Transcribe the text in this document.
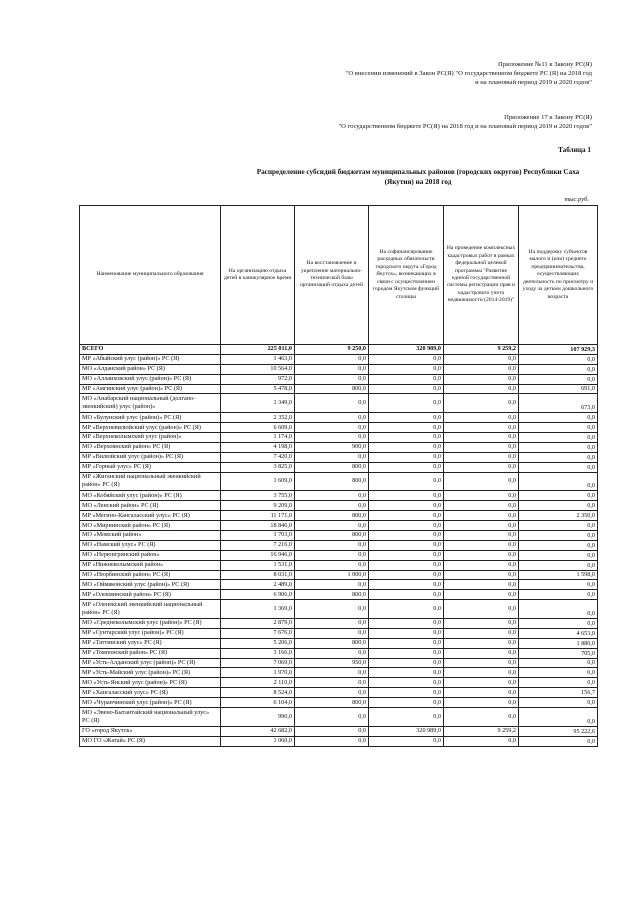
Приложение №11 к Закону РС(Я)
"О внесении изменений в Закон РС(Я) "О государственном бюджете РС (Я) на 2018 год
и на плановый период 2019 и 2020 годов"
Приложение 17 к Закону РС(Я)
"О государственном бюджете РС(Я) на 2018 год и на плановый период 2019 и 2020 годов"
Таблица 1
Распределение субсидий бюджетам муниципальных районов (городских округов) Республики Саха
(Якутия) на 2018 год
тыс.руб.
Наименование муниципального образования	На организацию отдыха детей в каникулярное время	На восстановление и укрепление материально-технической базы организаций отдыха детей	На софинансирование расходных обязательств городского округа «Город Якутск», возникающих в связи с осуществлением городом Якутском функций столицы	На проведение комплексных кадастровых работ в рамках федеральной целевой программы "Развитие единой государственной системы регистрации прав и кадастрового учета недвижимости (2014-2019)"	На поддержку субъектов малого и (или) среднего предпринимательства, осуществляющих деятельность по присмотру и уходу за детьми дошкольного возраста
ВСЕГО	225 011,0	9 250,0	320 989,0	9 259,2	107 929,3
МР «Абыйский улус (район)» РС (Я)	1 463,0	0,0	0,0	0,0	0,0
МО «Алданский район» РС (Я)	10 564,0	0,0	0,0	0,0	0,0
МО «Аллаиховский улус (район)» РС (Я)	972,0	0,0	0,0	0,0	0,0
МР «Амгинский улус (район)» РС (Я)	5 478,0	800,0	0,0	0,0	691,0
МО «Анабарский национальный (долгано-эвенкийский) улус (район)»	1 349,0	0,0	0,0	0,0	673,0
МО «Булунский улус (район)» РС (Я)	2 352,0	0,0	0,0	0,0	0,0
МР «Верхневилюйский улус (район)» РС (Я)	6 609,0	0,0	0,0	0,0	0,0
МР «Верхнеколымский улус (район)»	1 174,0	0,0	0,0	0,0	0,0
МО «Верхоянский район» РС (Я)	4 198,0	900,0	0,0	0,0	0,0
МР «Вилюйский улус (район)» РС (Я)	7 420,0	0,0	0,0	0,0	0,0
МР «Горный улус» РС (Я)	3 825,0	800,0	0,0	0,0	0,0
МР «Жиганский национальный эвенкийский район» РС (Я)	1 609,0	800,0	0,0	0,0	0,0
МО «Кобяйский улус (район)» РС (Я)	3 755,0	0,0	0,0	0,0	0,0
МО «Ленский район» РС (Я)	9 209,0	0,0	0,0	0,0	0,0
МР «Мегино-Кангаласский улус» РС (Я)	11 171,0	800,0	0,0	0,0	2 350,0
МО «Мирнинский район» РС (Я)	18 846,0	0,0	0,0	0,0	0,0
МО «Момский район»	1 703,0	800,0	0,0	0,0	0,0
МО «Намский улус» РС (Я)	7 216,0	0,0	0,0	0,0	0,0
МО «Нерюнгринский район»	16 946,0	0,0	0,0	0,0	0,0
МР «Нижнеколымский район»	1 531,0	0,0	0,0	0,0	0,0
МО «Нюрбинский район» РС (Я)	8 031,0	1 000,0	0,0	0,0	1 598,0
МО «Оймяконский улус (район)» РС (Я)	2 489,0	0,0	0,0	0,0	0,0
МР «Олекминский район» РС (Я)	6 906,0	800,0	0,0	0,0	0,0
МР «Оленекский эвенкийский национальный район» РС (Я)	1 369,0	0,0	0,0	0,0	0,0
МО «Среднеколымский улус (район)» РС (Я)	2 879,0	0,0	0,0	0,0	0,0
МР «Сунтарский улус (район)» РС (Я)	7 676,0	0,0	0,0	0,0	4 653,0
МР «Таттинский улус» РС (Я)	5 206,0	800,0	0,0	0,0	1 880,0
МР «Томпонский район» РС (Я)	3 166,0	0,0	0,0	0,0	705,0
МР «Усть-Алданский улус (район)» РС (Я)	7 069,0	950,0	0,0	0,0	0,0
МР «Усть-Майский улус (район)» РС (Я)	1 970,0	0,0	0,0	0,0	0,0
МО «Усть-Янский улус (район)» РС (Я)	2 110,0	0,0	0,0	0,0	0,0
МР «Хангаласский улус» РС (Я)	8 524,0	0,0	0,0	0,0	156,7
МО «Чурапчинский улус (район)» РС (Я)	6 104,0	800,0	0,0	0,0	0,0
МО «Эвено-Бытантайский национальный улус» РС (Я)	990,0	0,0	0,0	0,0	0,0
ГО «город Якутск»	42 682,0	0,0	320 989,0	9 259,2	95 222,6
МО ГО «Жатай» РС (Я)	1 060,0	0,0	0,0	0,0	0,0
